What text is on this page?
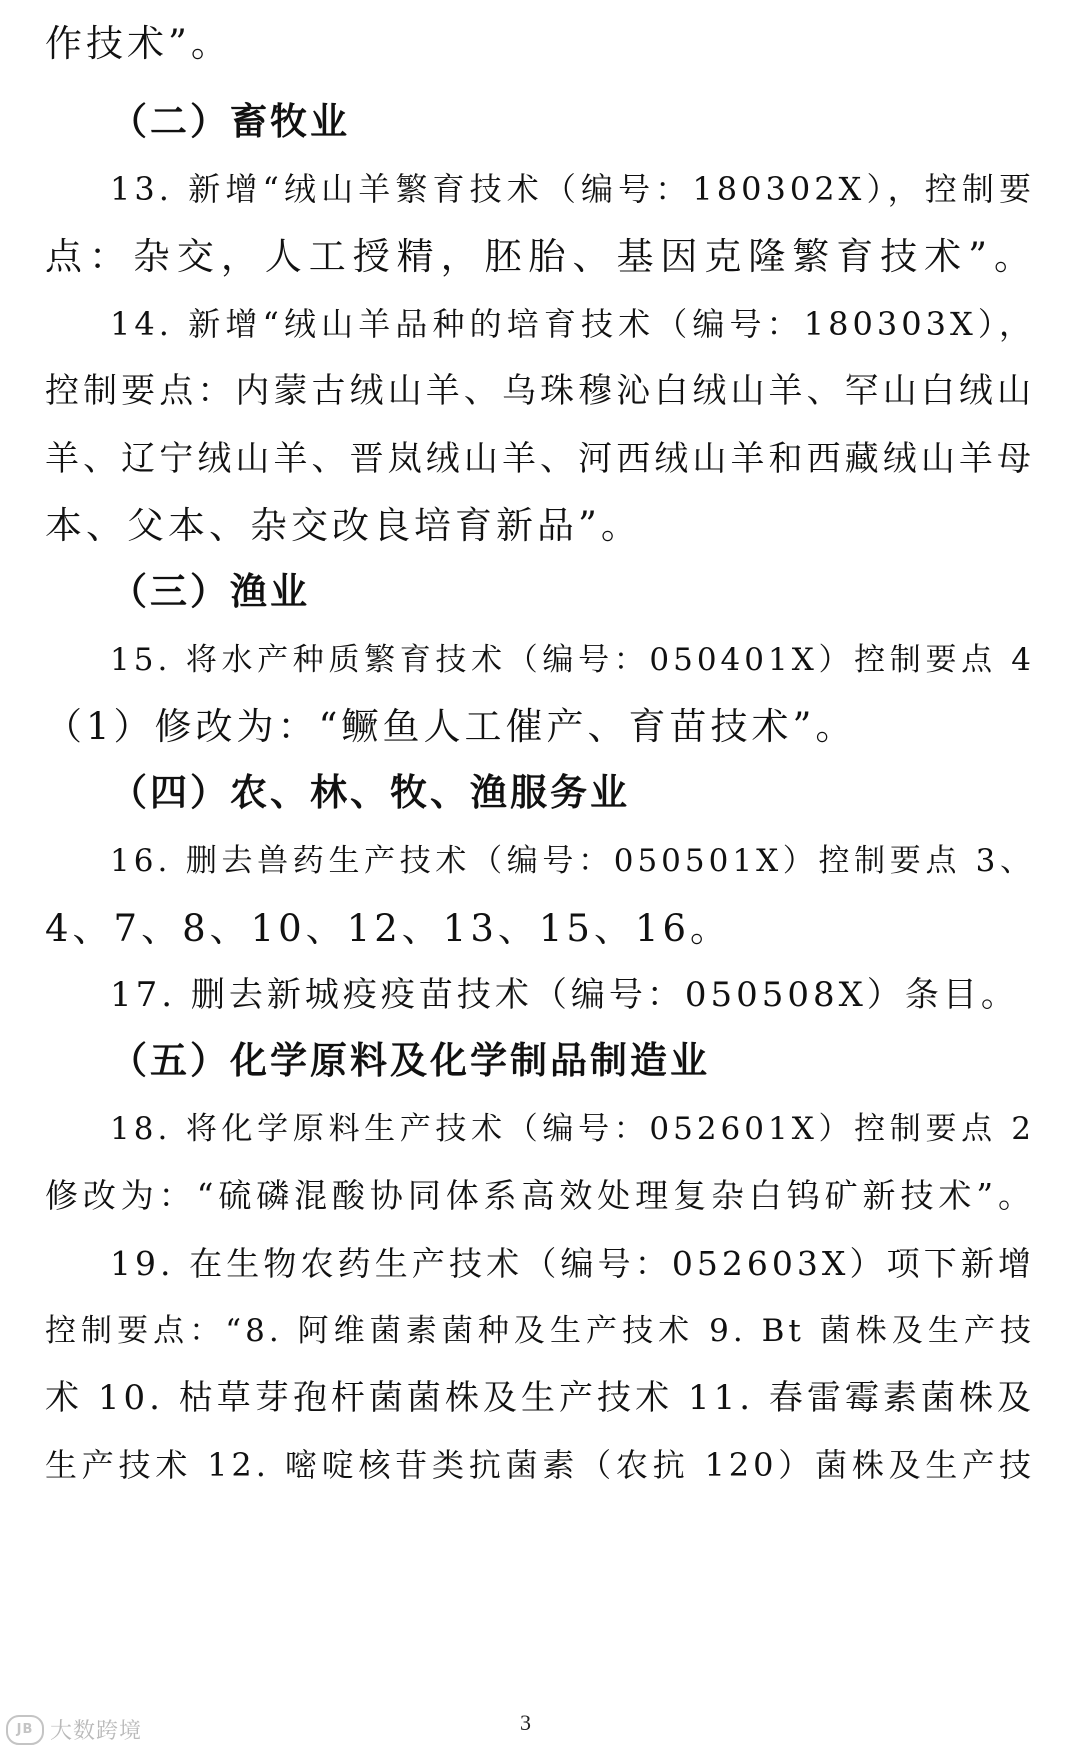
作技术”。
（二）畜牧业
13. 新增“绒山羊繁育技术（编号：180302X），控制要
点：杂交，人工授精，胚胎、基因克隆繁育技术”。
14. 新增“绒山羊品种的培育技术（编号：180303X），
控制要点：内蒙古绒山羊、乌珠穆沁白绒山羊、罕山白绒山
羊、辽宁绒山羊、晋岚绒山羊、河西绒山羊和西藏绒山羊母
本、父本、杂交改良培育新品”。
（三）渔业
15. 将水产种质繁育技术（编号：050401X）控制要点 4
（1）修改为：“鳜鱼人工催产、育苗技术”。
（四）农、林、牧、渔服务业
16. 删去兽药生产技术（编号：050501X）控制要点 3、
4、7、8、10、12、13、15、16。
17. 删去新城疫疫苗技术（编号：050508X）条目。
（五）化学原料及化学制品制造业
18. 将化学原料生产技术（编号：052601X）控制要点 2
修改为：“硫磷混酸协同体系高效处理复杂白钨矿新技术”。
19. 在生物农药生产技术（编号：052603X）项下新增
控制要点：“8. 阿维菌素菌种及生产技术 9. Bt 菌株及生产技
术 10. 枯草芽孢杆菌菌株及生产技术 11. 春雷霉素菌株及
生产技术 12. 嘧啶核苷类抗菌素（农抗 120）菌株及生产技
3
JB 大数跨境
